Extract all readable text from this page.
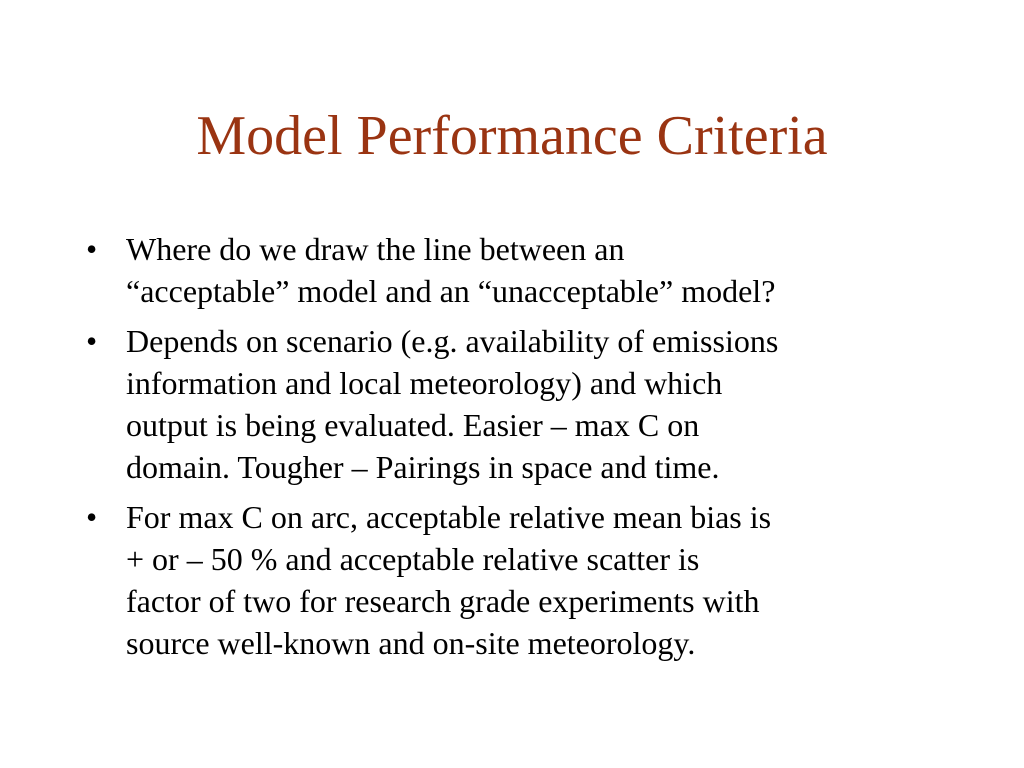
Model Performance Criteria
• Where do we draw the line between an
“acceptable” model and an “unacceptable” model?
• Depends on scenario (e.g. availability of emissions
information and local meteorology) and which
output is being evaluated. Easier – max C on
domain. Tougher – Pairings in space and time.
• For max C on arc, acceptable relative mean bias is
+ or – 50 % and acceptable relative scatter is
factor of two for research grade experiments with
source well-known and on-site meteorology.
